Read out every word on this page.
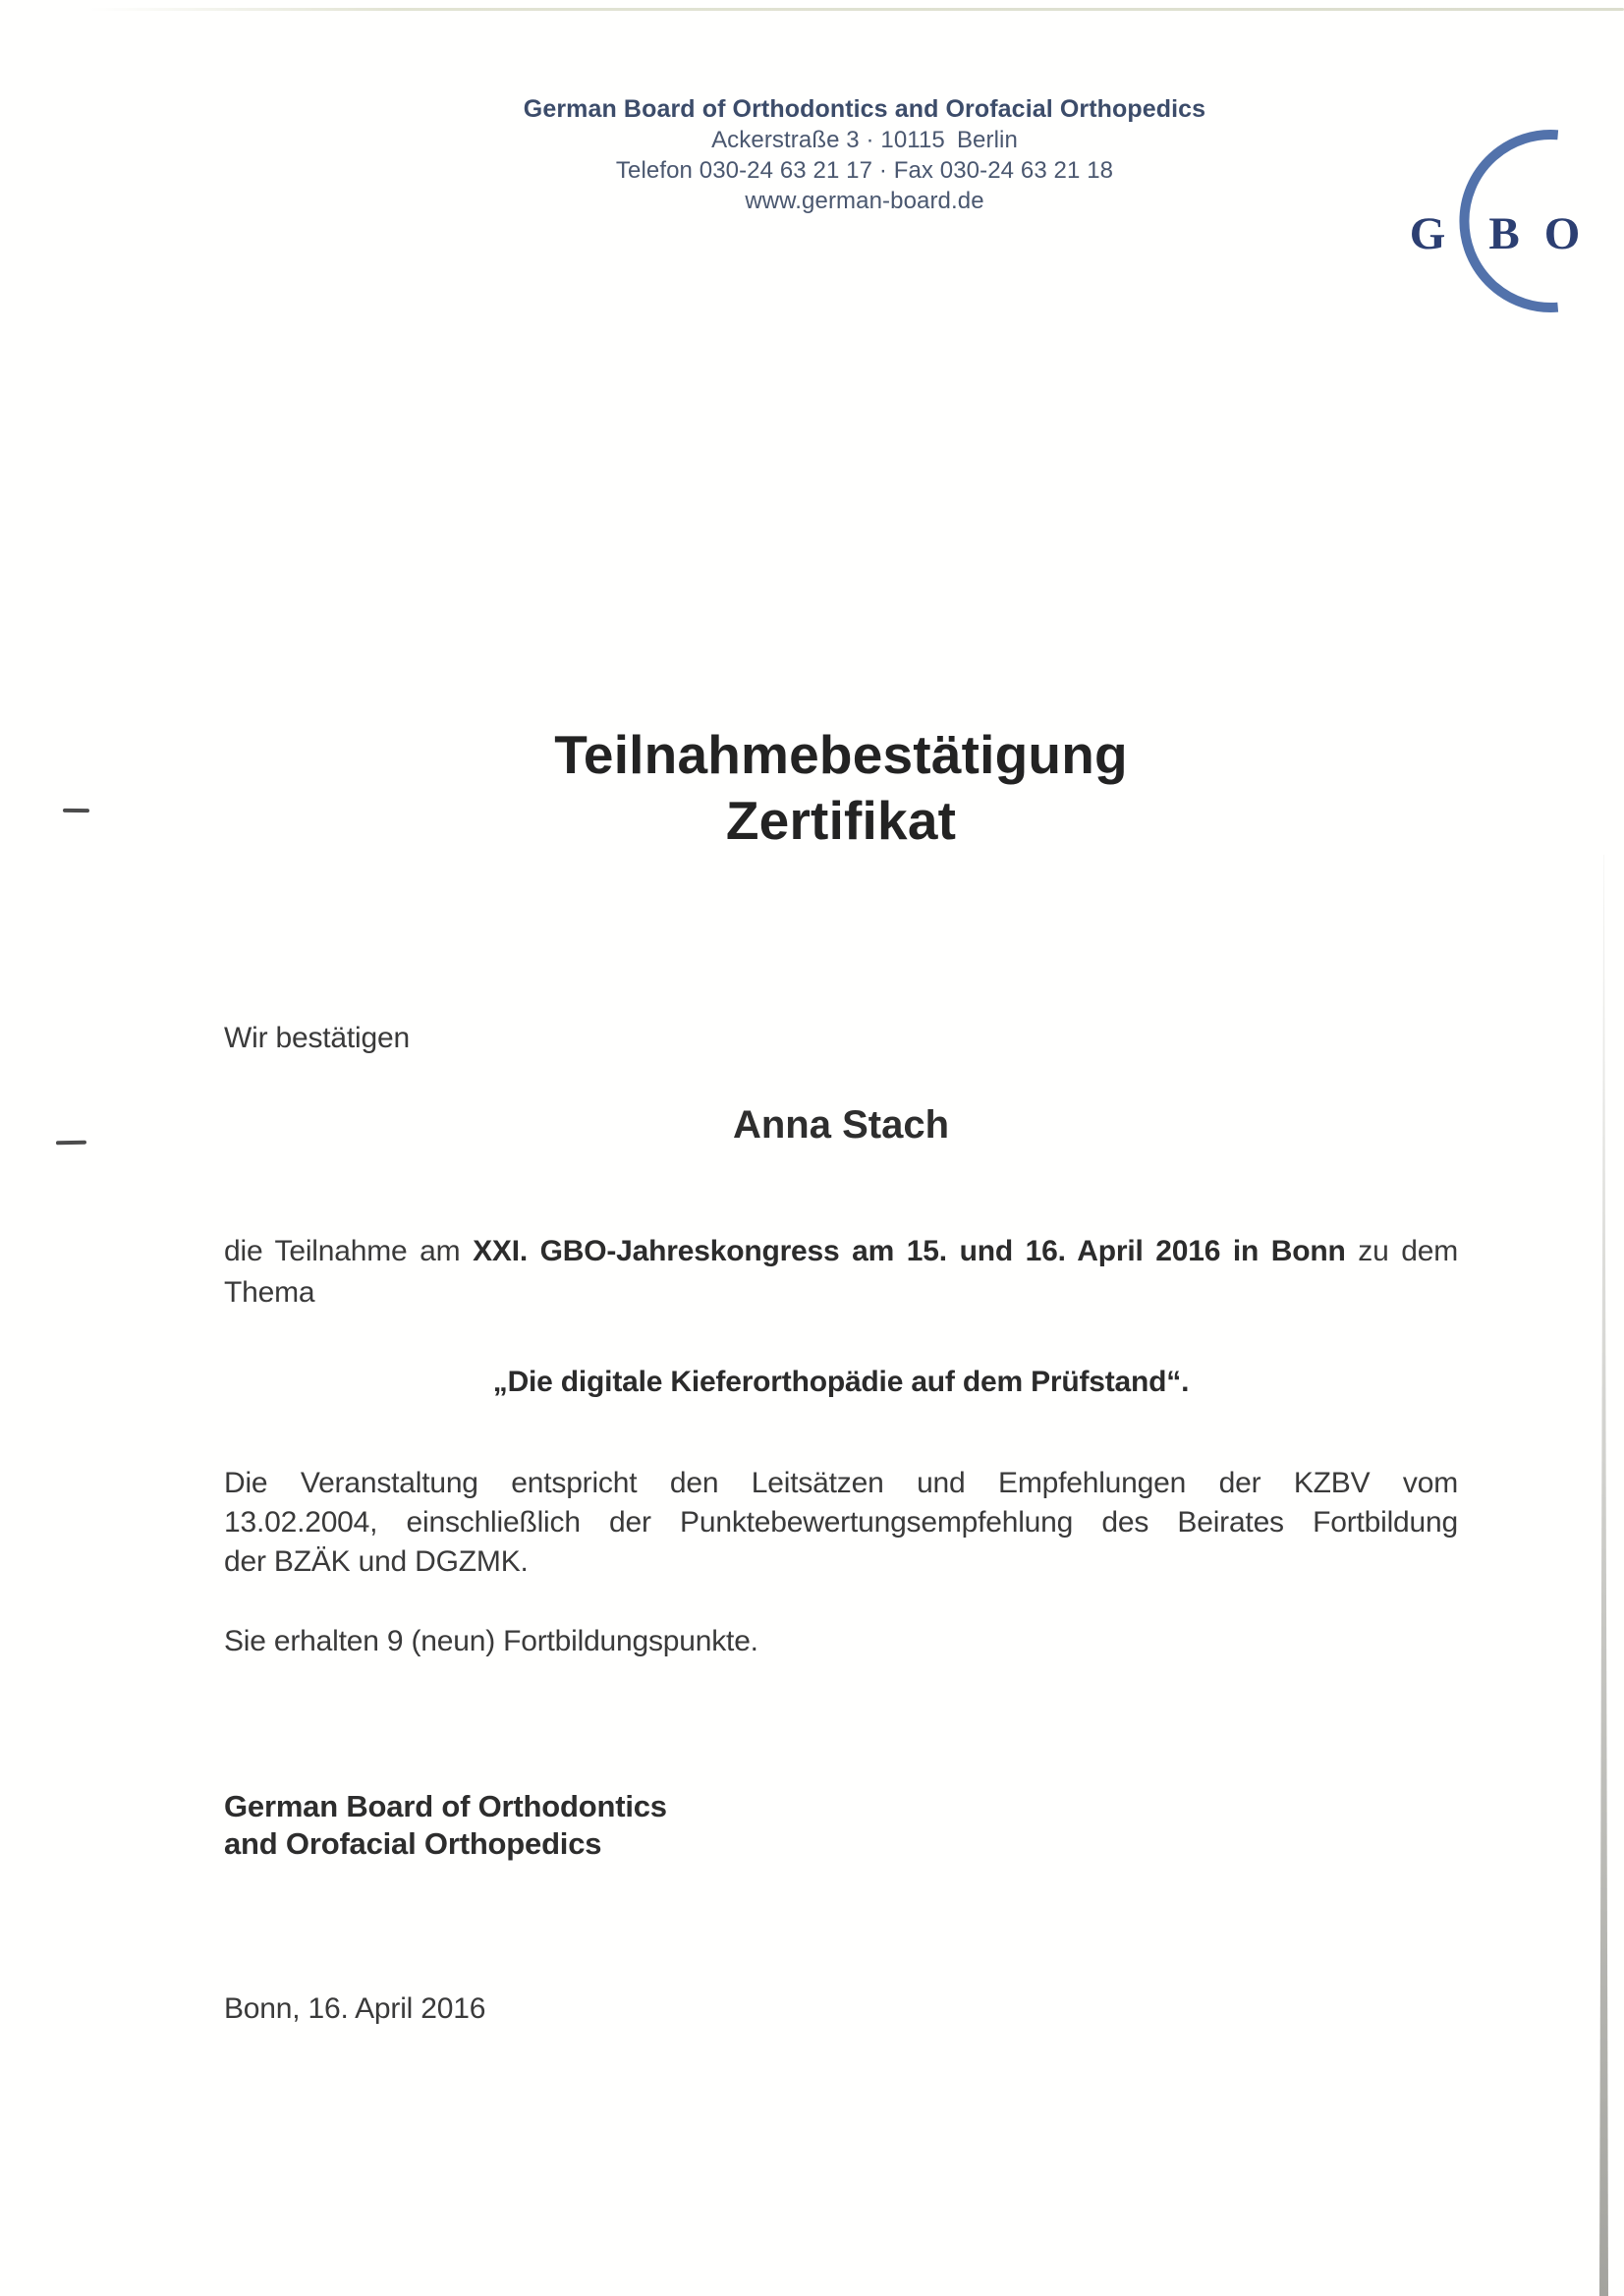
German Board of Orthodontics and Orofacial Orthopedics
Ackerstraße 3 · 10115 Berlin
Telefon 030-24 63 21 17 · Fax 030-24 63 21 18
www.german-board.de
G B O
Teilnahmebestätigung
Zertifikat
Wir bestätigen
Anna Stach
die Teilnahme am XXI. GBO-Jahreskongress am 15. und 16. April 2016 in Bonn zu dem
Thema
„Die digitale Kieferorthopädie auf dem Prüfstand“.
Die Veranstaltung entspricht den Leitsätzen und Empfehlungen der KZBV vom
13.02.2004, einschließlich der Punktebewertungsempfehlung des Beirates Fortbildung
der BZÄK und DGZMK.
Sie erhalten 9 (neun) Fortbildungspunkte.
German Board of Orthodontics
and Orofacial Orthopedics
Bonn, 16. April 2016
